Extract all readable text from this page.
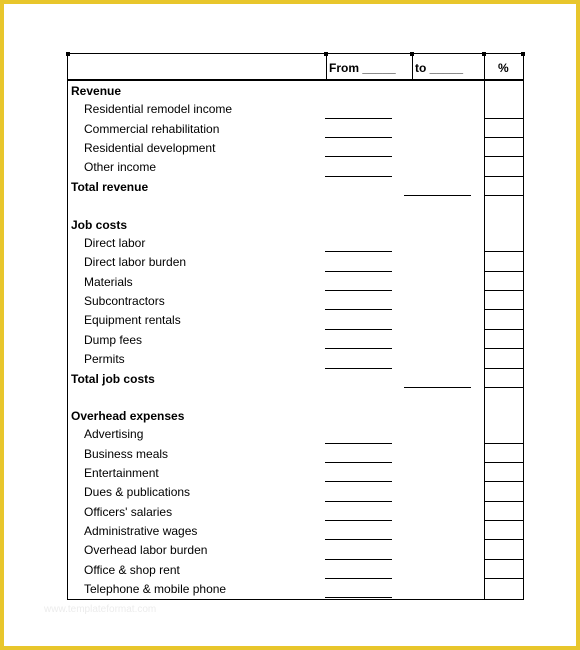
From _____ to _____	%
Revenue
Residential remodel income
Commercial rehabilitation
Residential development
Other income
Total revenue
Job costs
Direct labor
Direct labor burden
Materials
Subcontractors
Equipment rentals
Dump fees
Permits
Total job costs
Overhead expenses
Advertising
Business meals
Entertainment
Dues & publications
Officers' salaries
Administrative wages
Overhead labor burden
Office & shop rent
Telephone & mobile phone
www.templateformat.com
